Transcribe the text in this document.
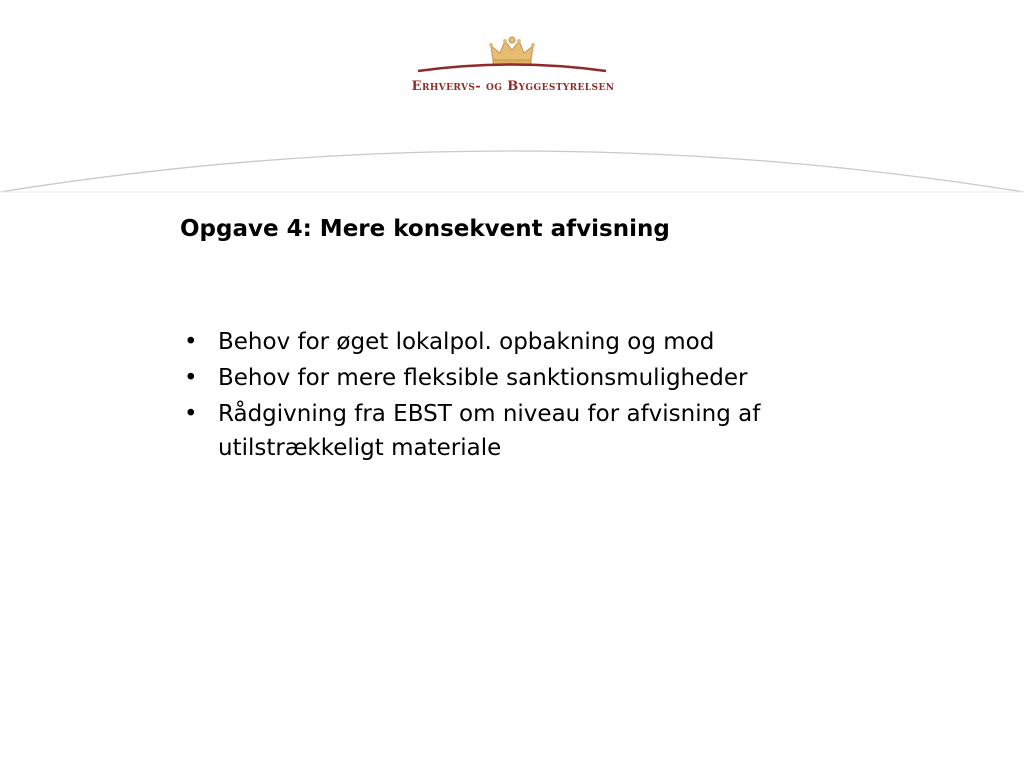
Erhvervs- og Byggestyrelsen
Opgave 4: Mere konsekvent afvisning
• Behov for øget lokalpol. opbakning og mod
• Behov for mere fleksible sanktionsmuligheder
• Rådgivning fra EBST om niveau for afvisning af utilstrækkeligt materiale
